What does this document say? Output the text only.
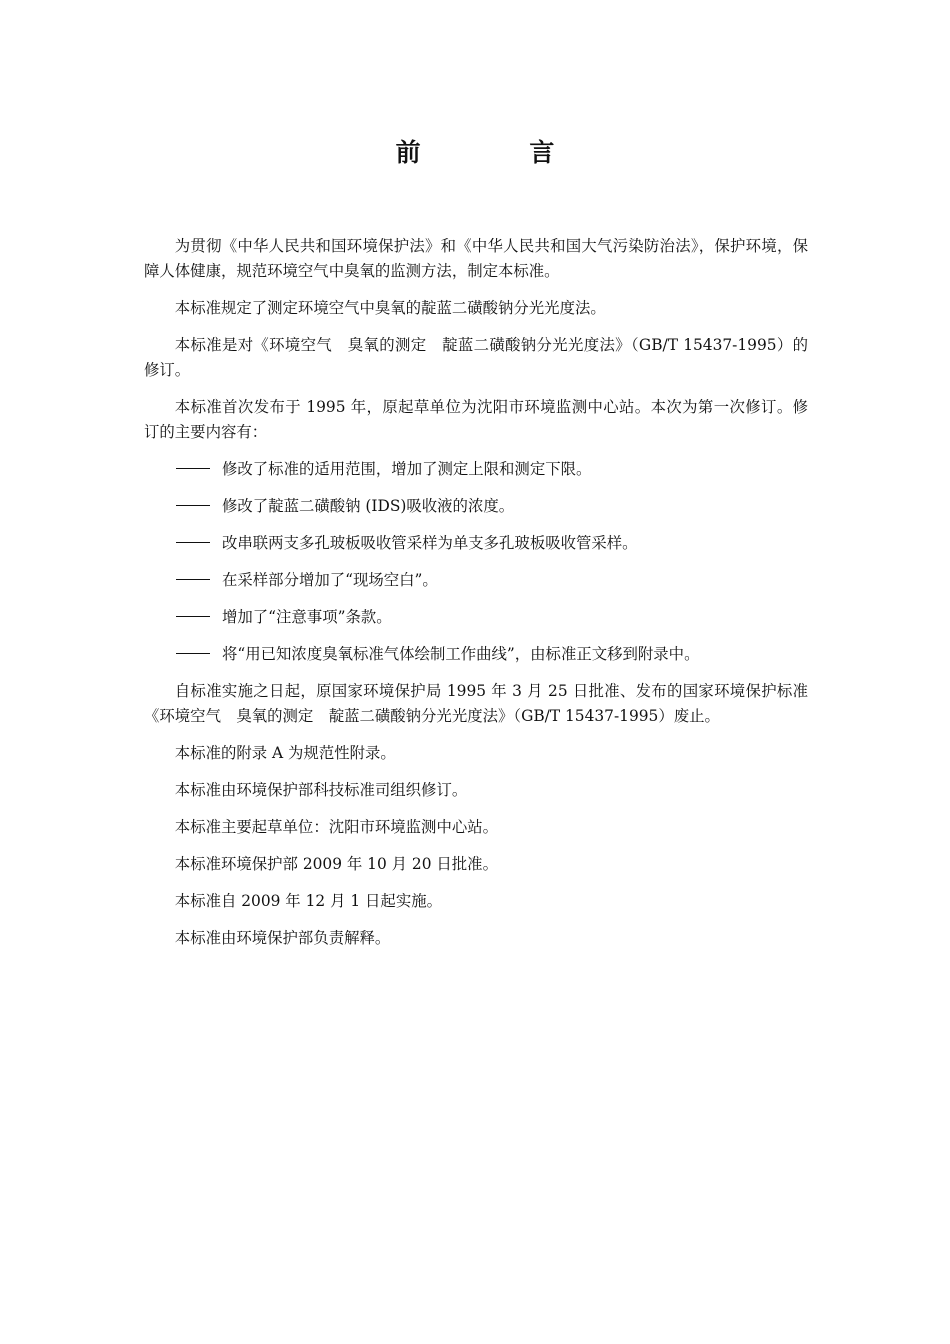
前 言

为贯彻《中华人民共和国环境保护法》和《中华人民共和国大气污染防治法》，保护环境，保障人体健康，规范环境空气中臭氧的监测方法，制定本标准。

本标准规定了测定环境空气中臭氧的靛蓝二磺酸钠分光光度法。

本标准是对《环境空气　臭氧的测定　靛蓝二磺酸钠分光光度法》（GB/T 15437-1995）的修订。

本标准首次发布于 1995 年，原起草单位为沈阳市环境监测中心站。本次为第一次修订。修订的主要内容有：

修改了标准的适用范围，增加了测定上限和测定下限。
修改了靛蓝二磺酸钠 (IDS)吸收液的浓度。
改串联两支多孔玻板吸收管采样为单支多孔玻板吸收管采样。
在采样部分增加了“现场空白”。
增加了“注意事项”条款。
将“用已知浓度臭氧标准气体绘制工作曲线”，由标准正文移到附录中。

自标准实施之日起，原国家环境保护局 1995 年 3 月 25 日批准、发布的国家环境保护标准《环境空气　臭氧的测定　靛蓝二磺酸钠分光光度法》（GB/T 15437-1995）废止。

本标准的附录 A 为规范性附录。

本标准由环境保护部科技标准司组织修订。

本标准主要起草单位：沈阳市环境监测中心站。

本标准环境保护部 2009 年 10 月 20 日批准。

本标准自 2009 年 12 月 1 日起实施。

本标准由环境保护部负责解释。
